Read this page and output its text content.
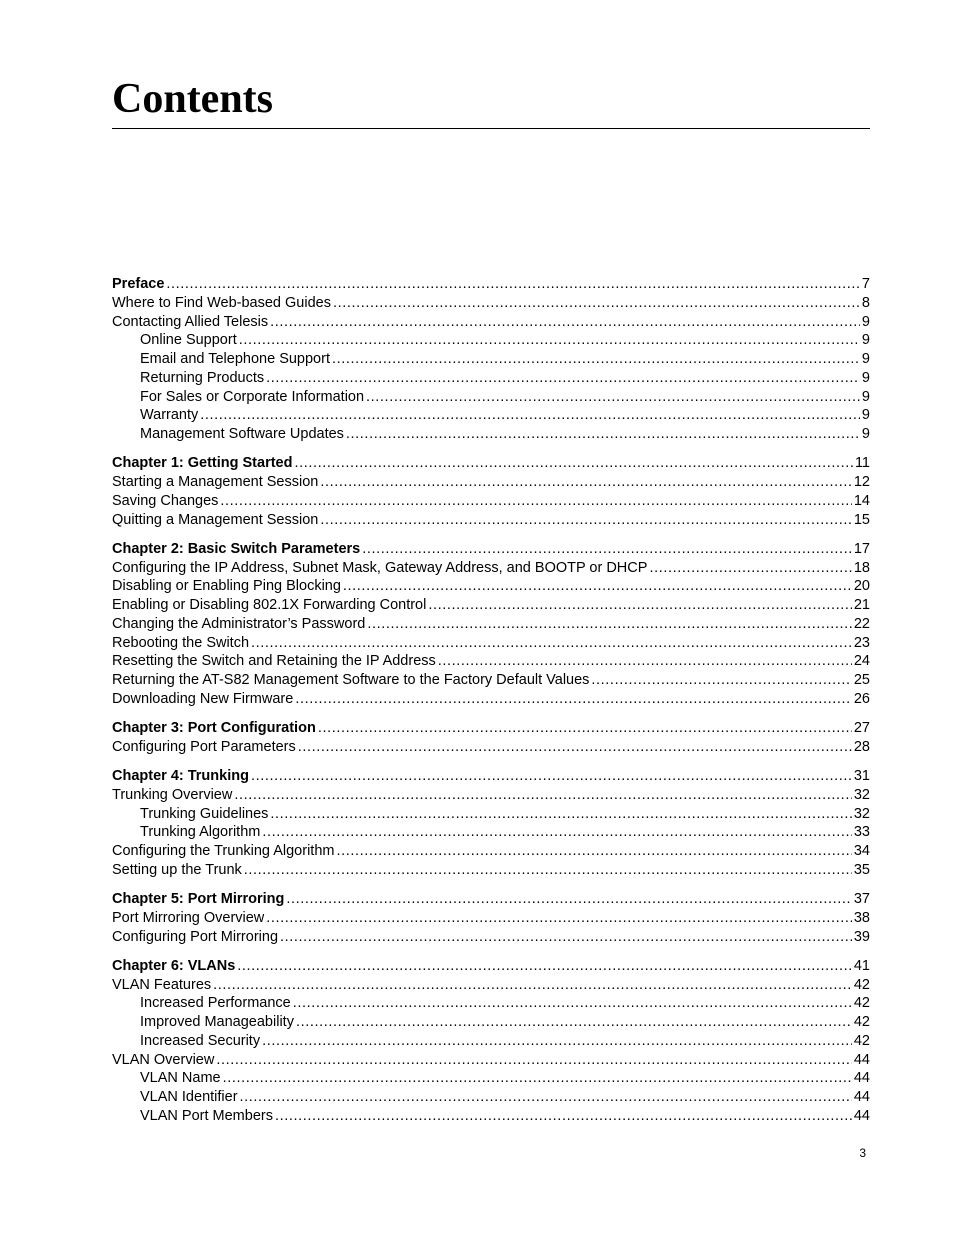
Contents
Preface .....	7
Where to Find Web-based Guides .....	8
Contacting Allied Telesis .....	9
Online Support .....	9
Email and Telephone Support .....	9
Returning Products .....	9
For Sales or Corporate Information .....	9
Warranty .....	9
Management Software Updates .....	9
Chapter 1: Getting Started .....	11
Starting a Management Session .....	12
Saving Changes .....	14
Quitting a Management Session .....	15
Chapter 2: Basic Switch Parameters .....	17
Configuring the IP Address, Subnet Mask, Gateway Address, and BOOTP or DHCP .....	18
Disabling or Enabling Ping Blocking .....	20
Enabling or Disabling 802.1X Forwarding Control .....	21
Changing the Administrator’s Password .....	22
Rebooting the Switch .....	23
Resetting the Switch and Retaining the IP Address .....	24
Returning the AT-S82 Management Software to the Factory Default Values .....	25
Downloading New Firmware .....	26
Chapter 3: Port Configuration .....	27
Configuring Port Parameters .....	28
Chapter 4: Trunking .....	31
Trunking Overview .....	32
Trunking Guidelines .....	32
Trunking Algorithm .....	33
Configuring the Trunking Algorithm .....	34
Setting up the Trunk .....	35
Chapter 5: Port Mirroring .....	37
Port Mirroring Overview .....	38
Configuring Port Mirroring .....	39
Chapter 6: VLANs .....	41
VLAN Features .....	42
Increased Performance .....	42
Improved Manageability .....	42
Increased Security .....	42
VLAN Overview .....	44
VLAN Name .....	44
VLAN Identifier .....	44
VLAN Port Members .....	44
3
